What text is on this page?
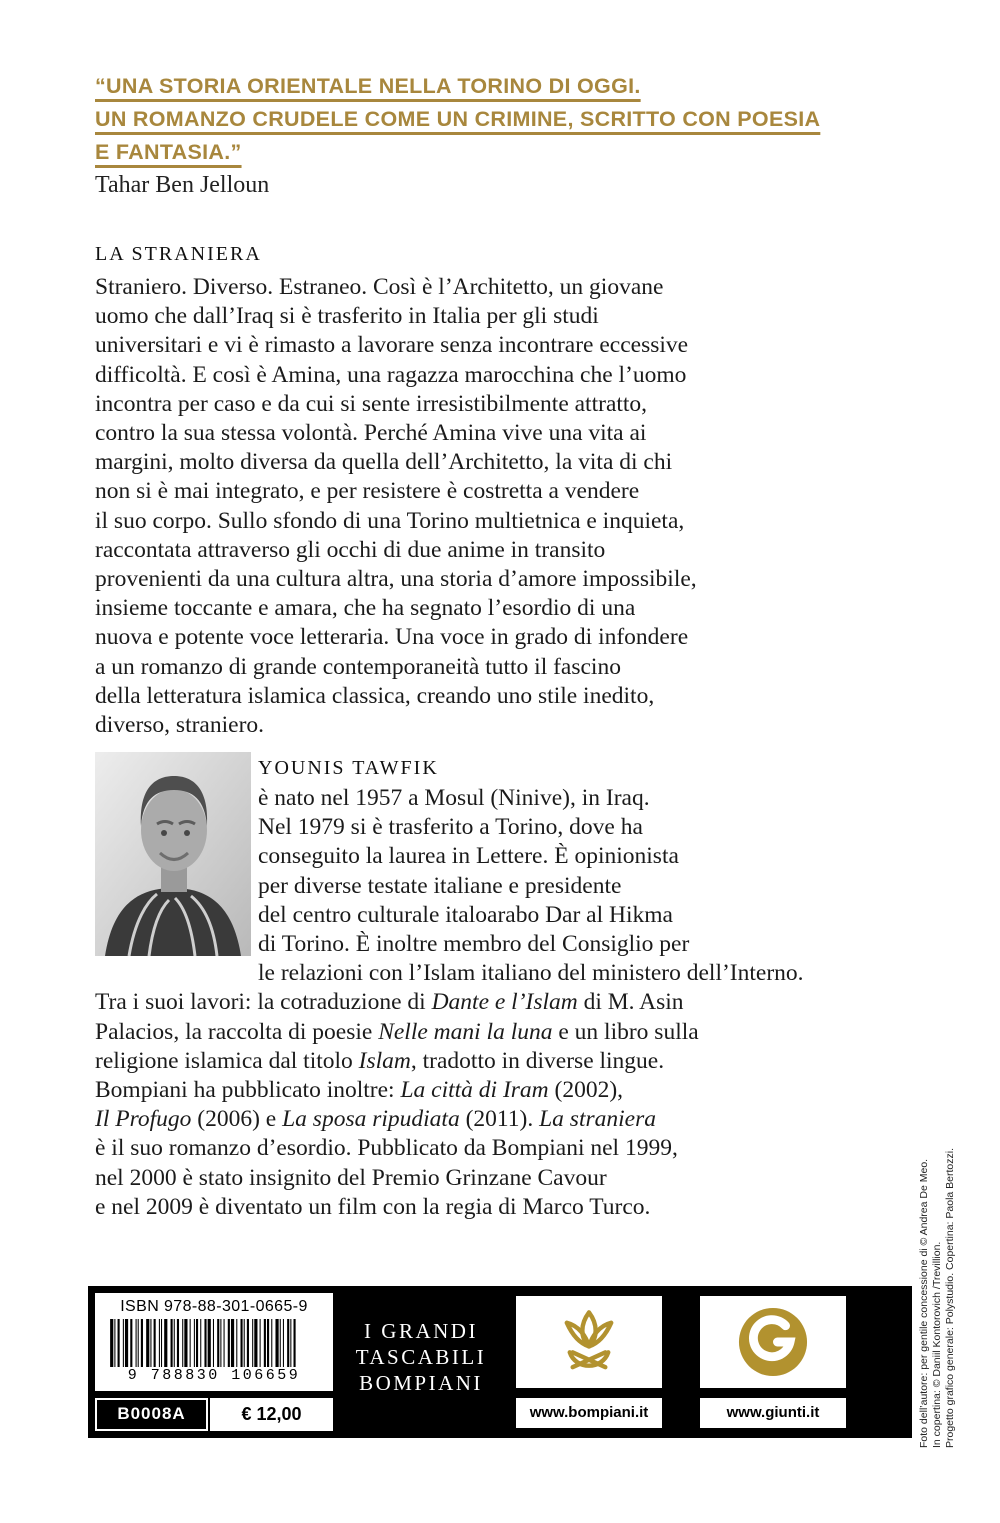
“UNA STORIA ORIENTALE NELLA TORINO DI OGGI.
UN ROMANZO CRUDELE COME UN CRIMINE, SCRITTO CON POESIA
E FANTASIA.”
Tahar Ben Jelloun
LA STRANIERA
Straniero. Diverso. Estraneo. Così è l’Architetto, un giovane
uomo che dall’Iraq si è trasferito in Italia per gli studi
universitari e vi è rimasto a lavorare senza incontrare eccessive
difficoltà. E così è Amina, una ragazza marocchina che l’uomo
incontra per caso e da cui si sente irresistibilmente attratto,
contro la sua stessa volontà. Perché Amina vive una vita ai
margini, molto diversa da quella dell’Architetto, la vita di chi
non si è mai integrato, e per resistere è costretta a vendere
il suo corpo. Sullo sfondo di una Torino multietnica e inquieta,
raccontata attraverso gli occhi di due anime in transito
provenienti da una cultura altra, una storia d’amore impossibile,
insieme toccante e amara, che ha segnato l’esordio di una
nuova e potente voce letteraria. Una voce in grado di infondere
a un romanzo di grande contemporaneità tutto il fascino
della letteratura islamica classica, creando uno stile inedito,
diverso, straniero.
YOUNIS TAWFIK
è nato nel 1957 a Mosul (Ninive), in Iraq.
Nel 1979 si è trasferito a Torino, dove ha
conseguito la laurea in Lettere. È opinionista
per diverse testate italiane e presidente
del centro culturale italoarabo Dar al Hikma
di Torino. È inoltre membro del Consiglio per
le relazioni con l’Islam italiano del ministero dell’Interno.
Tra i suoi lavori: la cotraduzione di Dante e l’Islam di M. Asin
Palacios, la raccolta di poesie Nelle mani la luna e un libro sulla
religione islamica dal titolo Islam, tradotto in diverse lingue.
Bompiani ha pubblicato inoltre: La città di Iram (2002),
Il Profugo (2006) e La sposa ripudiata (2011). La straniera
è il suo romanzo d’esordio. Pubblicato da Bompiani nel 1999,
nel 2000 è stato insignito del Premio Grinzane Cavour
e nel 2009 è diventato un film con la regia di Marco Turco.
Foto dell’autore: per gentile concessione di © Andrea De Meo.
In copertina: © Daniil Kontorovich /Trevillion.
Progetto grafico generale: Polystudio. Copertina: Paola Bertozzi.
ISBN 978-88-301-0665-9
9 788830 106659
B0008A	€ 12,00
I GRANDI
TASCABILI
BOMPIANI
www.bompiani.it	www.giunti.it
